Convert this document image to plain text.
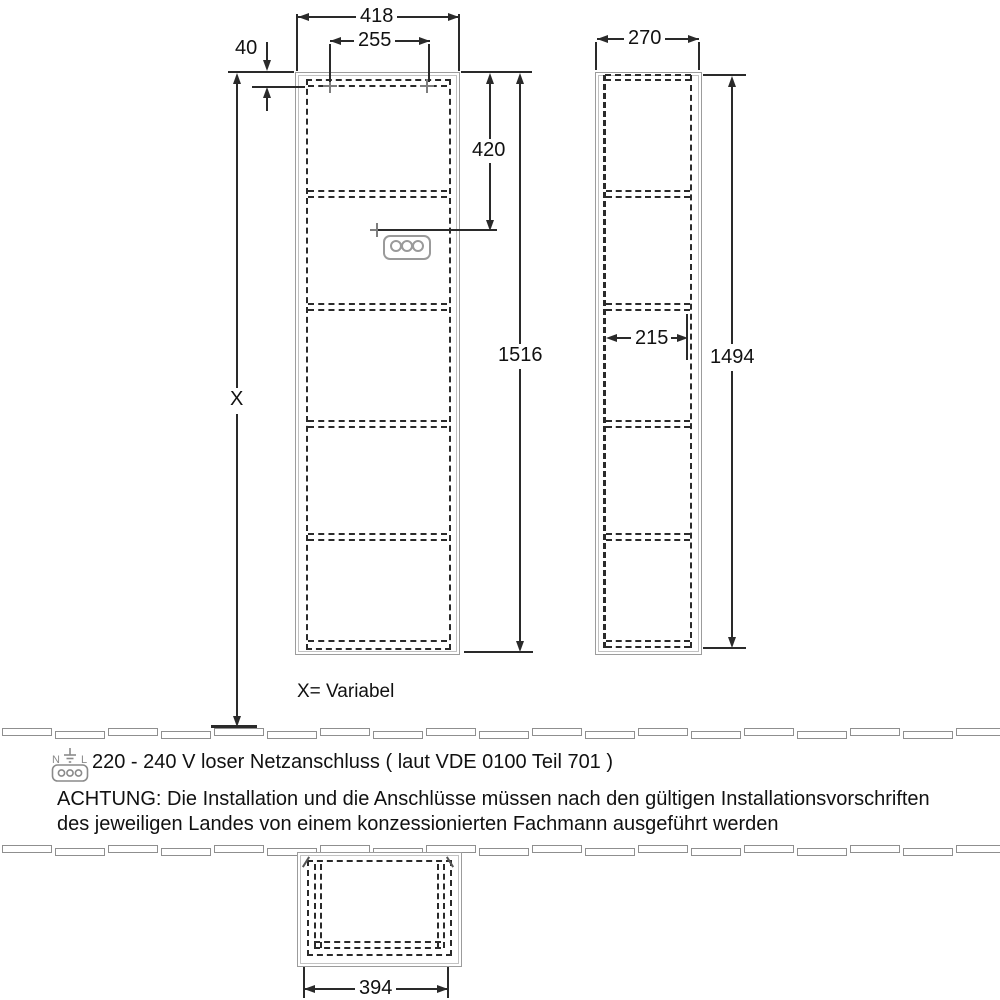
418
255
40
420
1516
X
270
215
1494
X= Variabel
N L 220 - 240 V loser Netzanschluss ( laut VDE 0100 Teil 701 )
ACHTUNG: Die Installation und die Anschlüsse müssen nach den gültigen Installationsvorschriften
des jeweiligen Landes von einem konzessionierten Fachmann ausgeführt werden
394
